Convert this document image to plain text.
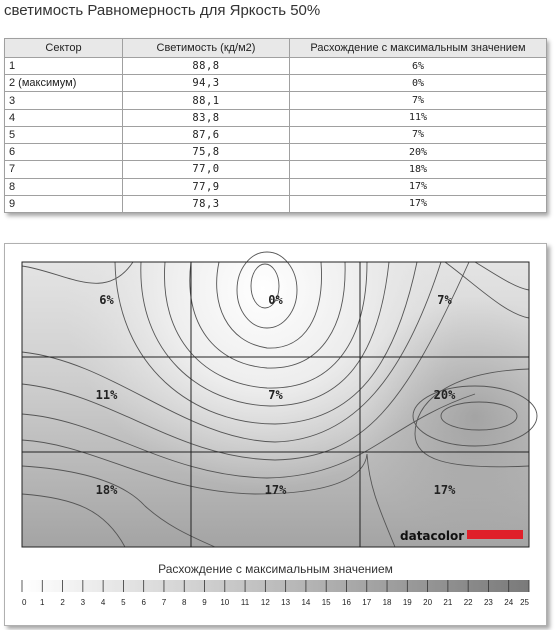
светимость Равномерность для Яркость 50%
Сектор	Светимость (кд/м2)	Расхождение с максимальным значением
1	88,8	6%
2 (максимум)	94,3	0%
3	88,1	7%
4	83,8	11%
5	87,6	7%
6	75,8	20%
7	77,0	18%
8	77,9	17%
9	78,3	17%
6%	0%	7%
11%	7%	20%
18%	17%	17%
datacolor
Расхождение с максимальным значением
0 1 2 3 4 5 6 7 8 9 10 11 12 13 14 15 16 17 18 19 20 21 22 23 24 25
